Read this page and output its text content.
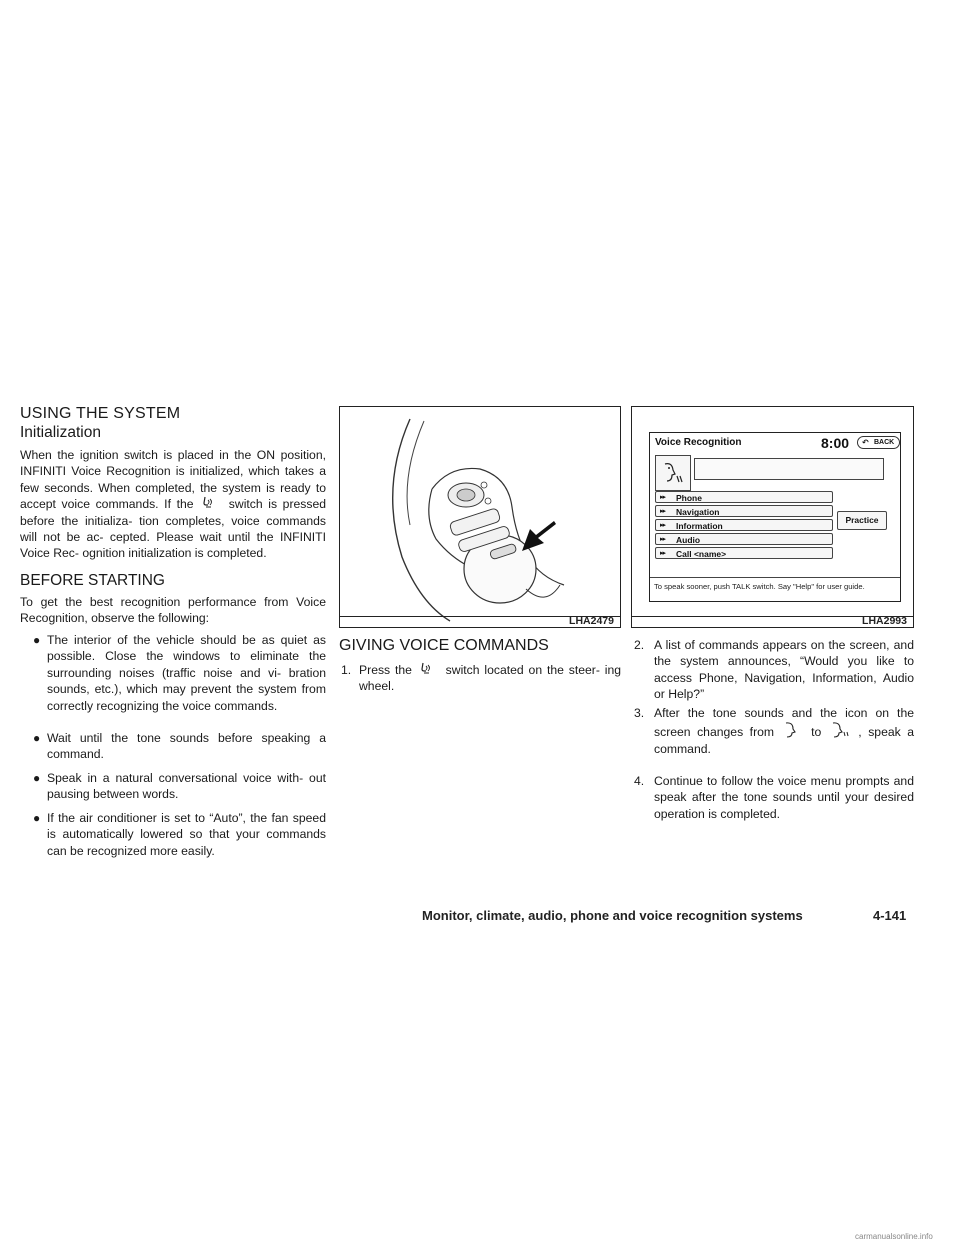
USING THE SYSTEM
Initialization

When the ignition switch is placed in the ON position, INFINITI Voice Recognition is initialized, which takes a few seconds. When completed, the system is ready to accept voice commands. If the	switch is pressed before the initializa- tion completes, voice commands will not be ac- cepted. Please wait until the INFINITI Voice Rec- ognition initialization is completed.

BEFORE STARTING

To get the best recognition performance from Voice Recognition, observe the following:

● The interior of the vehicle should be as quiet as possible. Close the windows to eliminate the surrounding noises (traffic noise and vi- bration sounds, etc.), which may prevent the system from correctly recognizing the voice commands.
● Wait until the tone sounds before speaking a command.
● Speak in a natural conversational voice with- out pausing between words.
● If the air conditioner is set to “Auto”, the fan speed is automatically lowered so that your commands can be recognized more easily.
LHA2479
GIVING VOICE COMMANDS
1. Press the	switch located on the steer- ing wheel.
Voice Recognition	8:00 ↶ BACK
▸▸ Phone
▸▸ Navigation
▸▸ Information
▸▸ Audio
▸▸ Call <name>
Practice
To speak sooner, push TALK switch. Say "Help" for user guide.
LHA2993
2. A list of commands appears on the screen, and the system announces, “Would you like to access Phone, Navigation, Information, Audio or Help?”
3. After the tone sounds and the icon on the screen changes from	to	, speak a command.
4. Continue to follow the voice menu prompts and speak after the tone sounds until your desired operation is completed.
Monitor, climate, audio, phone and voice recognition systems	4-141
carmanualsonline.info
